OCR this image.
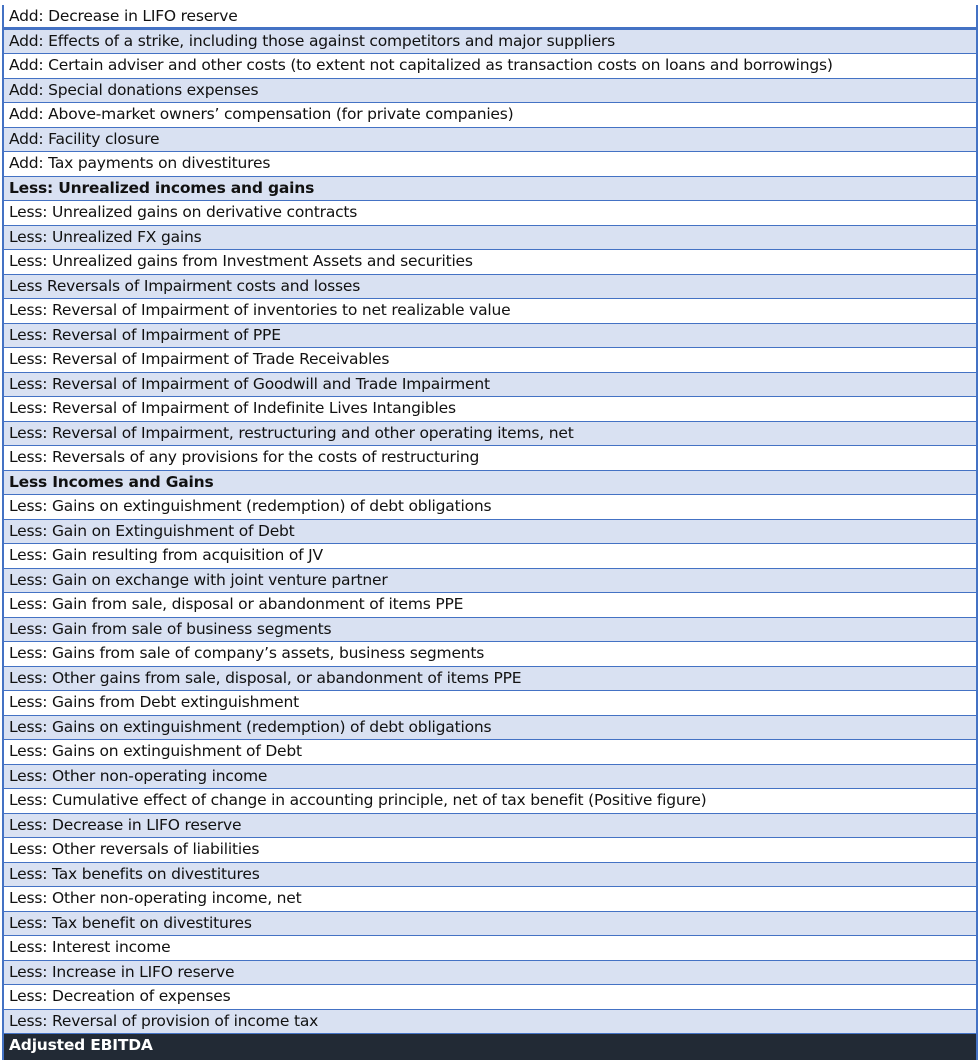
Add: Decrease in LIFO reserve
Add: Effects of a strike, including those against competitors and major suppliers
Add: Certain adviser and other costs (to extent not capitalized as transaction costs on loans and borrowings)
Add: Special donations expenses
Add: Above-market owners’ compensation (for private companies)
Add: Facility closure
Add: Tax payments on divestitures
Less: Unrealized incomes and gains
Less: Unrealized gains on derivative contracts
Less: Unrealized FX gains
Less: Unrealized gains from Investment Assets and securities
Less Reversals of Impairment costs and losses
Less: Reversal of Impairment of inventories to net realizable value
Less: Reversal of Impairment of PPE
Less: Reversal of Impairment of Trade Receivables
Less: Reversal of Impairment of Goodwill and Trade Impairment
Less: Reversal of Impairment of Indefinite Lives Intangibles
Less: Reversal of Impairment, restructuring and other operating items, net
Less: Reversals of any provisions for the costs of restructuring
Less Incomes and Gains
Less: Gains on extinguishment (redemption) of debt obligations
Less: Gain on Extinguishment of Debt
Less: Gain resulting from acquisition of JV
Less: Gain on exchange with joint venture partner
Less: Gain from sale, disposal or abandonment of items PPE
Less: Gain from sale of business segments
Less: Gains from sale of company’s assets, business segments
Less: Other gains from sale, disposal, or abandonment of items PPE
Less: Gains from Debt extinguishment
Less: Gains on extinguishment (redemption) of debt obligations
Less: Gains on extinguishment of Debt
Less: Other non-operating income
Less: Cumulative effect of change in accounting principle, net of tax benefit (Positive figure)
Less: Decrease in LIFO reserve
Less: Other reversals of liabilities
Less: Tax benefits on divestitures
Less: Other non-operating income, net
Less: Tax benefit on divestitures
Less: Interest income
Less: Increase in LIFO reserve
Less: Decreation of expenses
Less: Reversal of provision of income tax
Adjusted EBITDA
